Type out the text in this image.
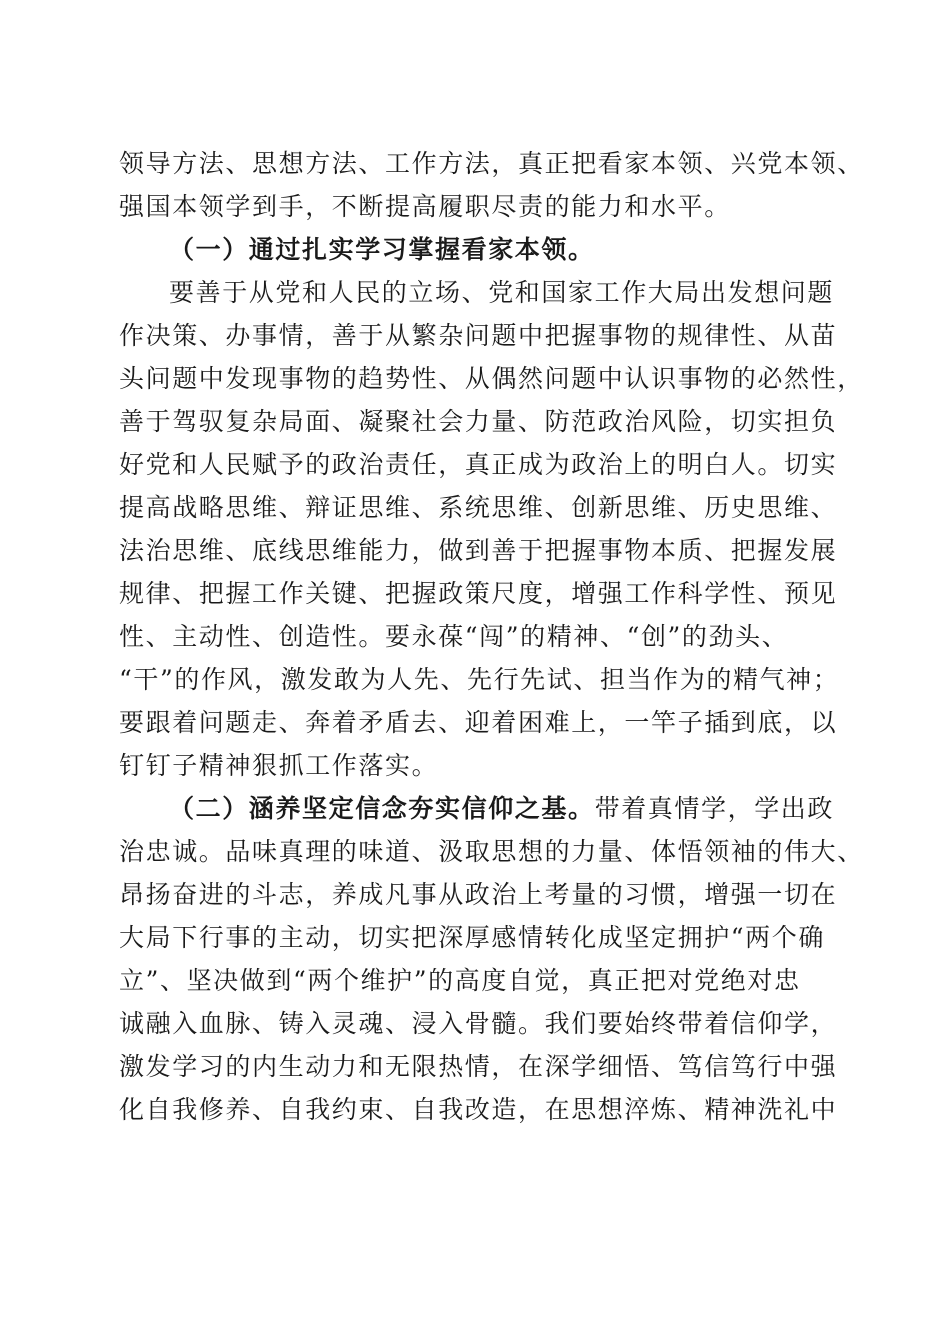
领导方法、思想方法、工作方法，真正把看家本领、兴党本领、
强国本领学到手，不断提高履职尽责的能力和水平。
（一）通过扎实学习掌握看家本领。
要善于从党和人民的立场、党和国家工作大局出发想问题
作决策、办事情，善于从繁杂问题中把握事物的规律性、从苗
头问题中发现事物的趋势性、从偶然问题中认识事物的必然性，
善于驾驭复杂局面、凝聚社会力量、防范政治风险，切实担负
好党和人民赋予的政治责任，真正成为政治上的明白人。切实
提高战略思维、辩证思维、系统思维、创新思维、历史思维、
法治思维、底线思维能力，做到善于把握事物本质、把握发展
规律、把握工作关键、把握政策尺度，增强工作科学性、预见
性、主动性、创造性。要永葆“闯”的精神、“创”的劲头、
“干”的作风，激发敢为人先、先行先试、担当作为的精气神；
要跟着问题走、奔着矛盾去、迎着困难上，一竿子插到底，以
钉钉子精神狠抓工作落实。
（二）涵养坚定信念夯实信仰之基。带着真情学，学出政
治忠诚。品味真理的味道、汲取思想的力量、体悟领袖的伟大、
昂扬奋进的斗志，养成凡事从政治上考量的习惯，增强一切在
大局下行事的主动，切实把深厚感情转化成坚定拥护“两个确
立”、坚决做到“两个维护”的高度自觉，真正把对党绝对忠
诚融入血脉、铸入灵魂、浸入骨髓。我们要始终带着信仰学，
激发学习的内生动力和无限热情，在深学细悟、笃信笃行中强
化自我修养、自我约束、自我改造，在思想淬炼、精神洗礼中
